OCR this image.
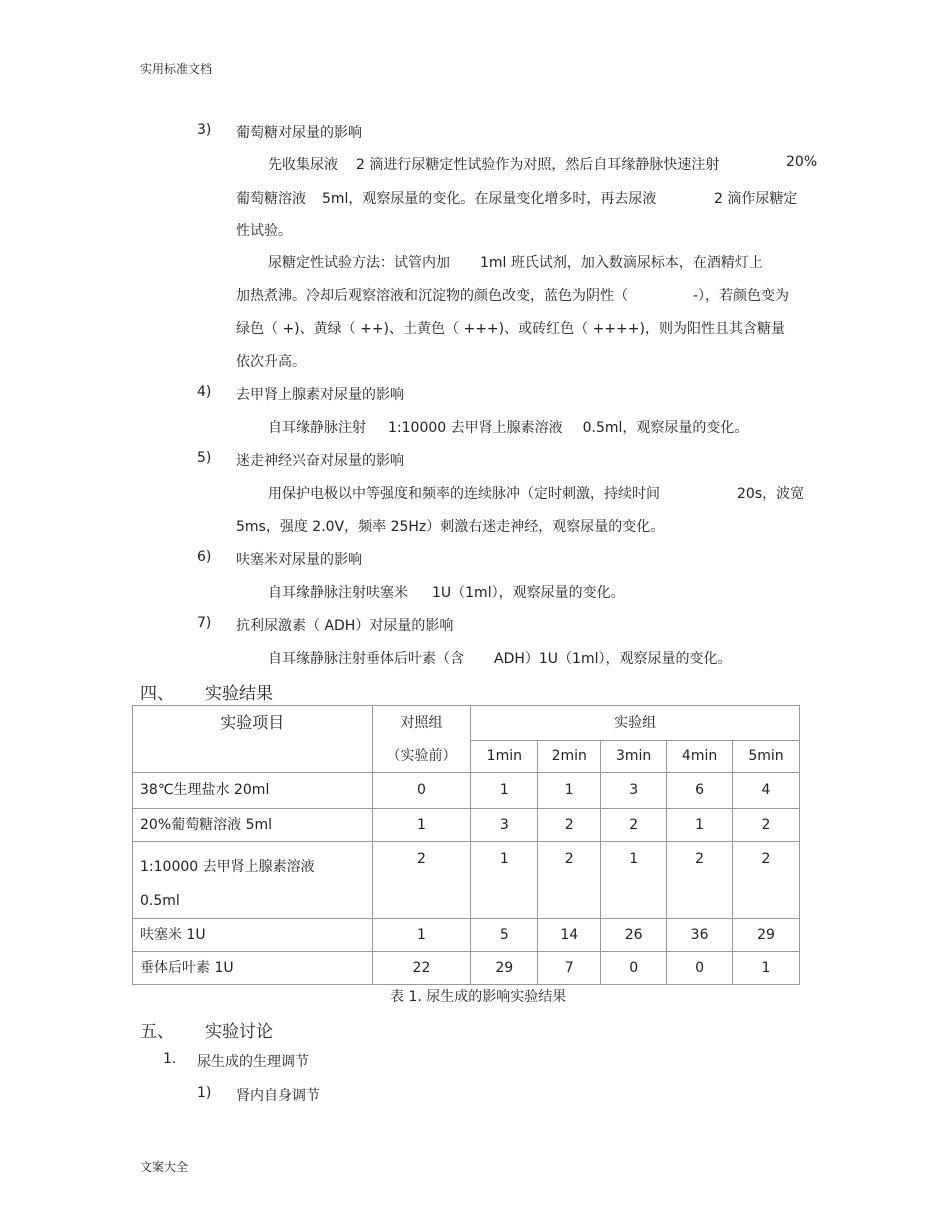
实用标准文档
3) 葡萄糖对尿量的影响
先收集尿液 2 滴进行尿糖定性试验作为对照，然后自耳缘静脉快速注射	20%
葡萄糖溶液 5ml，观察尿量的变化。在尿量变化增多时，再去尿液	2 滴作尿糖定
性试验。
尿糖定性试验方法：试管内加 1ml 班氏试剂，加入数滴尿标本，在酒精灯上
加热煮沸。冷却后观察溶液和沉淀物的颜色改变，蓝色为阴性（	-），若颜色变为
绿色（ +)、黄绿（ ++)、土黄色（ +++)、或砖红色（ ++++)，则为阳性且其含糖量
依次升高。
4) 去甲肾上腺素对尿量的影响
自耳缘静脉注射 1:10000 去甲肾上腺素溶液 0.5ml，观察尿量的变化。
5) 迷走神经兴奋对尿量的影响
用保护电极以中等强度和频率的连续脉冲（定时刺激，持续时间	20s，波宽
5ms，强度 2.0V，频率 25Hz）刺激右迷走神经，观察尿量的变化。
6) 呋塞米对尿量的影响
自耳缘静脉注射呋塞米 1U（1ml），观察尿量的变化。
7) 抗利尿激素（ ADH）对尿量的影响
自耳缘静脉注射垂体后叶素（含 ADH）1U（1ml），观察尿量的变化。
四、 实验结果
实验项目	对照组	实验组				
	（实验前）	1min	2min	3min	4min	5min
38℃生理盐水 20ml	0	1	1	3	6	4
20%葡萄糖溶液 5ml	1	3	2	2	1	2

1:10000 去甲肾上腺素溶液
0.5ml	2	1	2	1	2	2
呋塞米 1U	1	5	14	26	36	29
垂体后叶素 1U	22	29	7	0	0	1
表 1. 尿生成的影响实验结果
五、 实验讨论
1. 尿生成的生理调节
1) 肾内自身调节
文案大全
